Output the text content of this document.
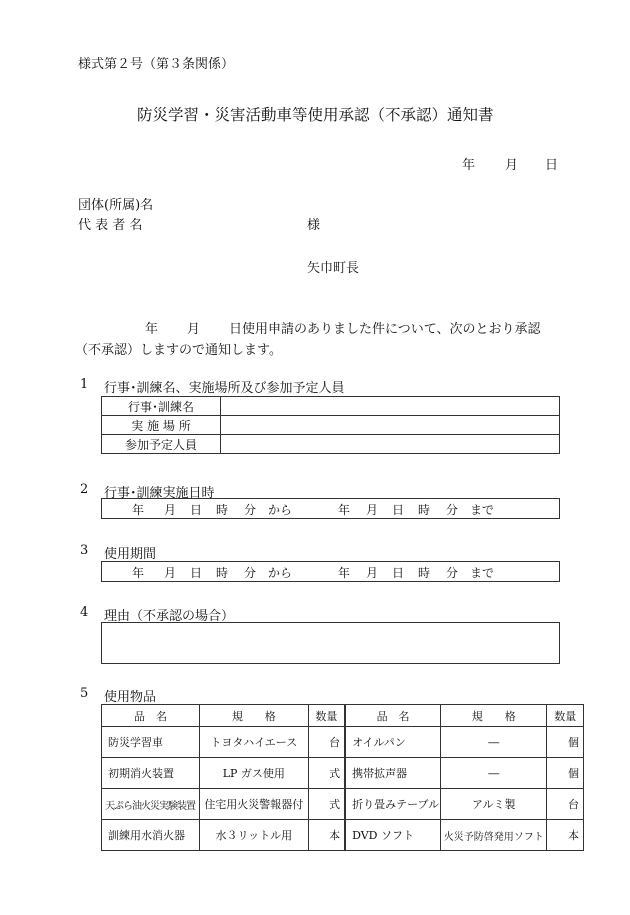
様式第２号（第３条関係）
防災学習・災害活動車等使用承認（不承認）通知書
年 月 日
団体(所属)名
代 表 者 名	様
矢巾町長
年 月 日使用申請のありました件について、次のとおり承認
（不承認）しますので通知します。
1 行事･訓練名、実施場所及び参加予定人員
行事･訓練名	
実 施 場 所	
参加予定人員	
2 行事･訓練実施日時
年 月 日 時 分 から	年 月 日 時 分 まで
3 使用期間
年 月 日 時 分 から	年 月 日 時 分 まで
4 理由（不承認の場合）
5 使用物品
品　名	規　　格	数量	品　名	規　　格	数量
防災学習車	トヨタハイエース	台	オイルパン	―	個
初期消火装置	LP ガス使用	式	携帯拡声器	―	個
天ぷら油火災実験装置	住宅用火災警報器付	式	折り畳みテーブル	アルミ製	台
訓練用水消火器	水３リットル用	本	DVD ソフト	火災予防啓発用ソフト	本
